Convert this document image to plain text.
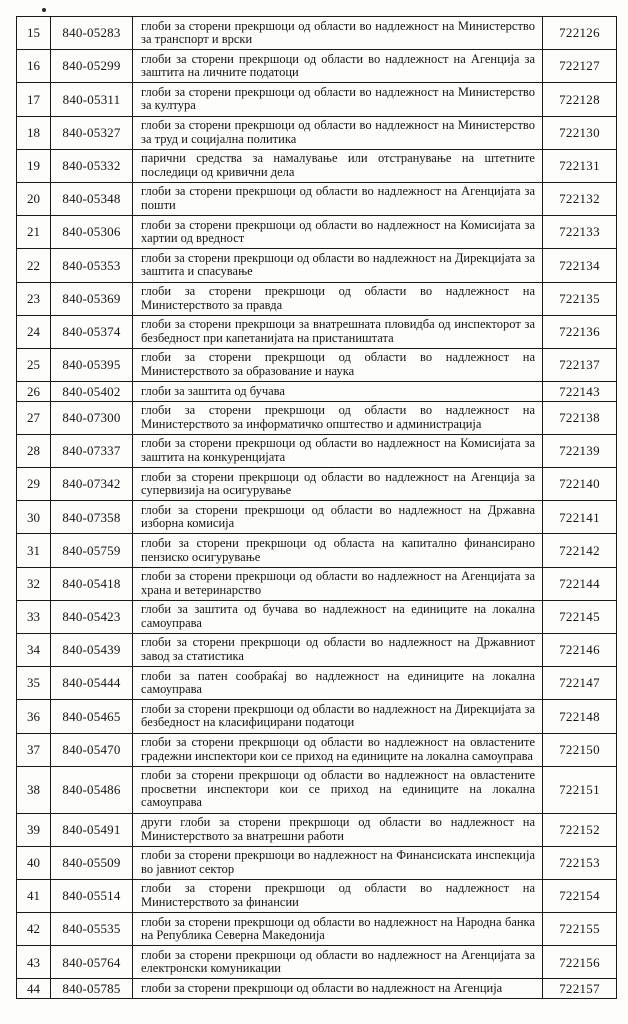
15	840-05283	глоби за сторени прекршоци од области во надлежност на Министерство за транспорт и врски	722126
16	840-05299	глоби за сторени прекршоци од области во надлежност на Агенција за заштита на личните податоци	722127
17	840-05311	глоби за сторени прекршоци од области во надлежност на Министерство за култура	722128
18	840-05327	глоби за сторени прекршоци од области во надлежност на Министерство за труд и социјална политика	722130
19	840-05332	парични средства за намалување или отстранување на штетните последици од кривични дела	722131
20	840-05348	глоби за сторени прекршоци од области во надлежност на Агенцијата за пошти	722132
21	840-05306	глоби за сторени прекршоци од области во надлежност на Комисијата за хартии од вредност	722133
22	840-05353	глоби за сторени прекршоци од области во надлежност на Дирекцијата за заштита и спасување	722134
23	840-05369	глоби за сторени прекршоци од области во надлежност на Министерството за правда	722135
24	840-05374	глоби за сторени прекршоци за внатрешната пловидба од инспекторот за безбедност при капетанијата на пристаништата	722136
25	840-05395	глоби за сторени прекршоци од области во надлежност на Министерството за образование и наука	722137
26	840-05402	глоби за заштита од бучава	722143
27	840-07300	глоби за сторени прекршоци од области во надлежност на Министерството за информатичко општество и администрација	722138
28	840-07337	глоби за сторени прекршоци од области во надлежност на Комисијата за заштита на конкуренцијата	722139
29	840-07342	глоби за сторени прекршоци од области во надлежност на Агенција за супервизија на осигурување	722140
30	840-07358	глоби за сторени прекршоци од области во надлежност на Државна изборна комисија	722141
31	840-05759	глоби за сторени прекршоци од областа на капитално финансирано пензиско осигурување	722142
32	840-05418	глоби за сторени прекршоци од области во надлежност на Агенцијата за храна и ветеринарство	722144
33	840-05423	глоби за заштита од бучава во надлежност на единиците на локална самоуправа	722145
34	840-05439	глоби за сторени прекршоци од области во надлежност на Државниот завод за статистика	722146
35	840-05444	глоби за патен сообраќај во надлежност на единиците на локална самоуправа	722147
36	840-05465	глоби за сторени прекршоци од области во надлежност на Дирекцијата за безбедност на класифицирани податоци	722148
37	840-05470	глоби за сторени прекршоци од области во надлежност на овластените градежни инспектори кои се приход на единиците на локална самоуправа	722150
38	840-05486	глоби за сторени прекршоци од области во надлежност на овластените просветни инспектори кои се приход на единиците на локална самоуправа	722151
39	840-05491	други глоби за сторени прекршоци од области во надлежност на Министерството за внатрешни работи	722152
40	840-05509	глоби за сторени прекршоци во надлежност на Финансиската инспекција во јавниот сектор	722153
41	840-05514	глоби за сторени прекршоци од области во надлежност на Министерството за финансии	722154
42	840-05535	глоби за сторени прекршоци од области во надлежност на Народна банка на Република Северна Македонија	722155
43	840-05764	глоби за сторени прекршоци од области во надлежност на Агенцијата за електронски комуникации	722156
44	840-05785	глоби за сторени прекршоци од области во надлежност на Агенција	722157
